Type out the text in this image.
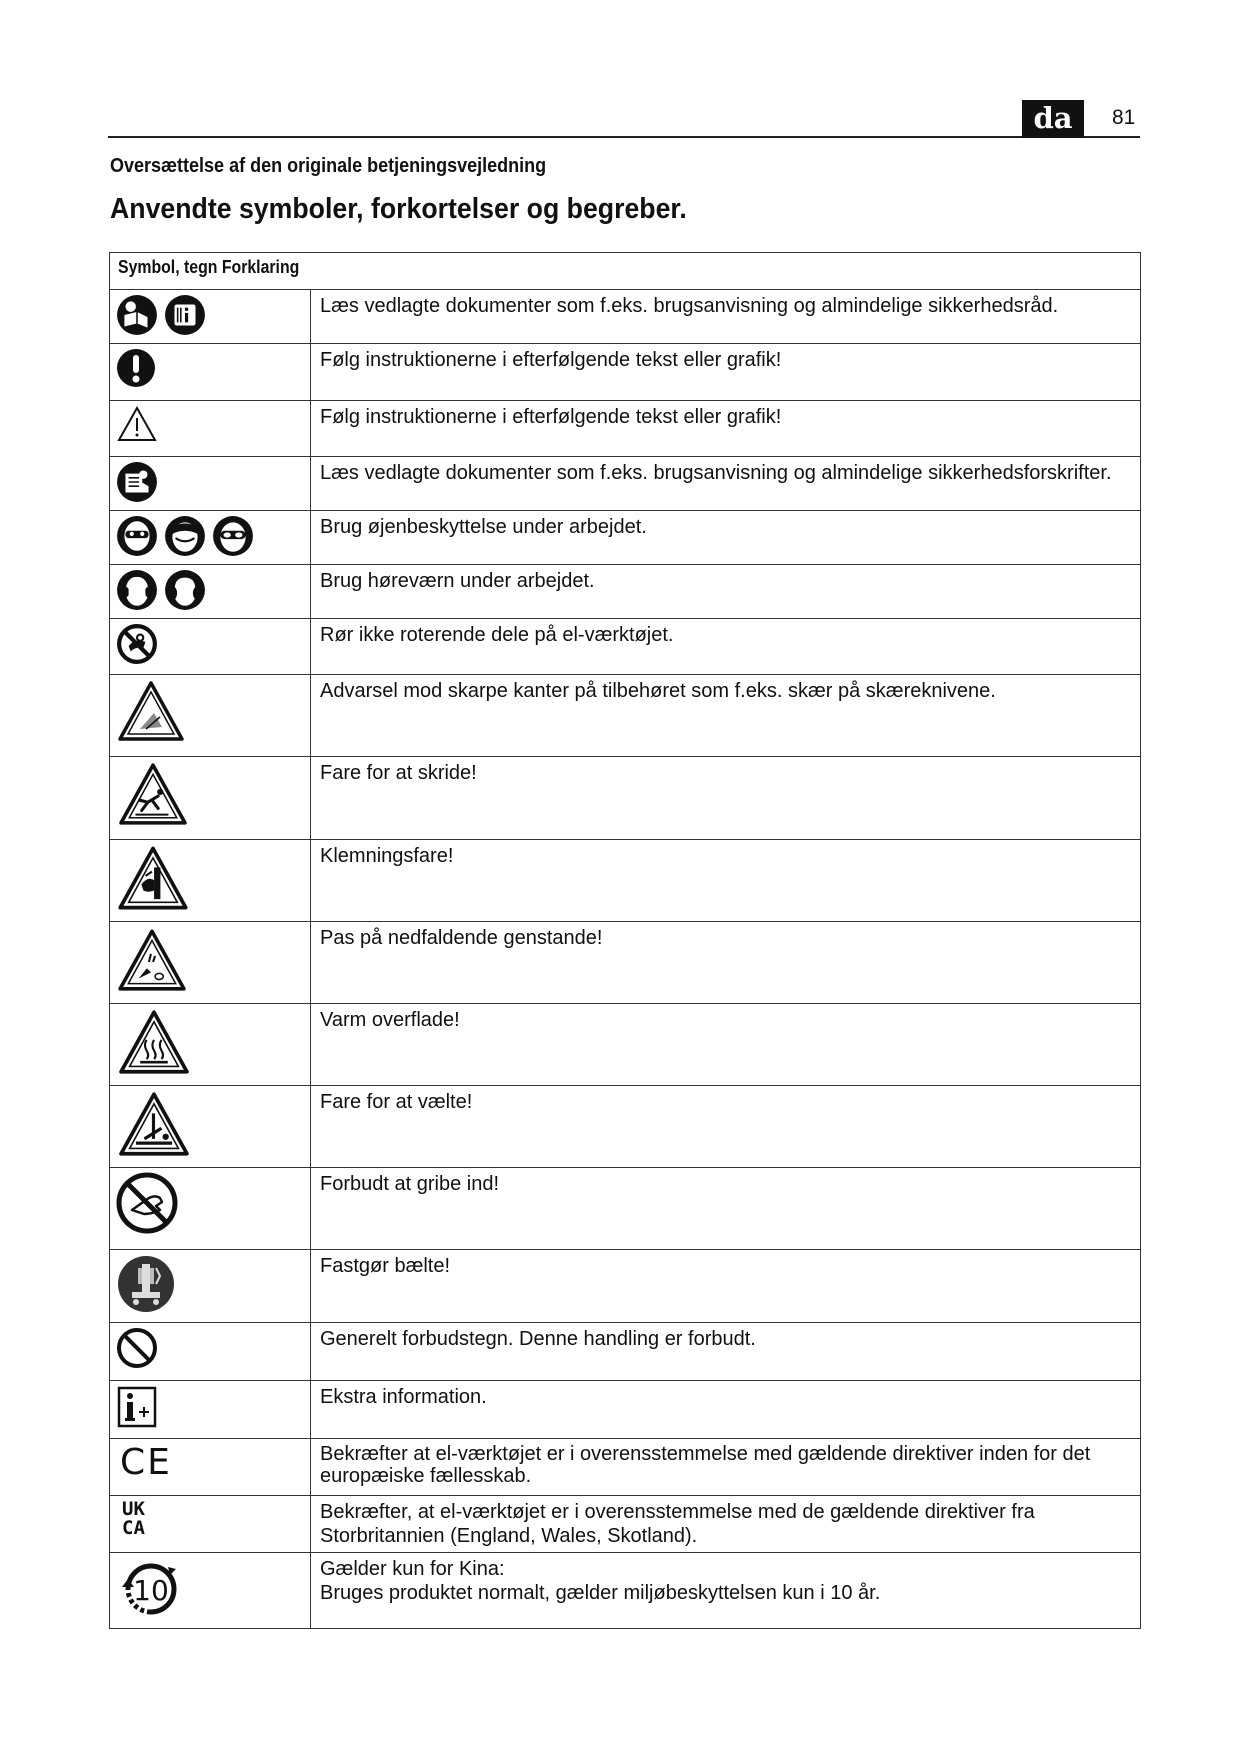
da	81
Oversættelse af den originale betjeningsvejledning
Anvendte symboler, forkortelser og begreber.
Symbol, tegn Forklaring	

	Læs vedlagte dokumenter som f.eks. brugsanvisning og almindelige sikkerhedsråd.

	Følg instruktionerne i efterfølgende tekst eller grafik!

	Følg instruktionerne i efterfølgende tekst eller grafik!

	Læs vedlagte dokumenter som f.eks. brugsanvisning og almindelige sikkerhedsforskrifter.

	Brug øjenbeskyttelse under arbejdet.

	Brug høreværn under arbejdet.

	Rør ikke roterende dele på el-værktøjet.

	Advarsel mod skarpe kanter på tilbehøret som f.eks. skær på skæreknivene.

	Fare for at skride!

	Klemningsfare!

	Pas på nedfaldende genstande!

	Varm overflade!

	Fare for at vælte!

	Forbudt at gribe ind!

	Fastgør bælte!

	Generelt forbudstegn. Denne handling er forbudt.

	Ekstra information.

CE	Bekræfter at el-værktøjet er i overensstemmelse med gældende direktiver inden for det europæiske fællesskab.

UK
CA	Bekræfter, at el-værktøjet er i overensstemmelse med de gældende direktiver fra Storbritannien (England, Wales, Skotland).

10	Gælder kun for Kina:
Bruges produktet normalt, gælder miljøbeskyttelsen kun i 10 år.
